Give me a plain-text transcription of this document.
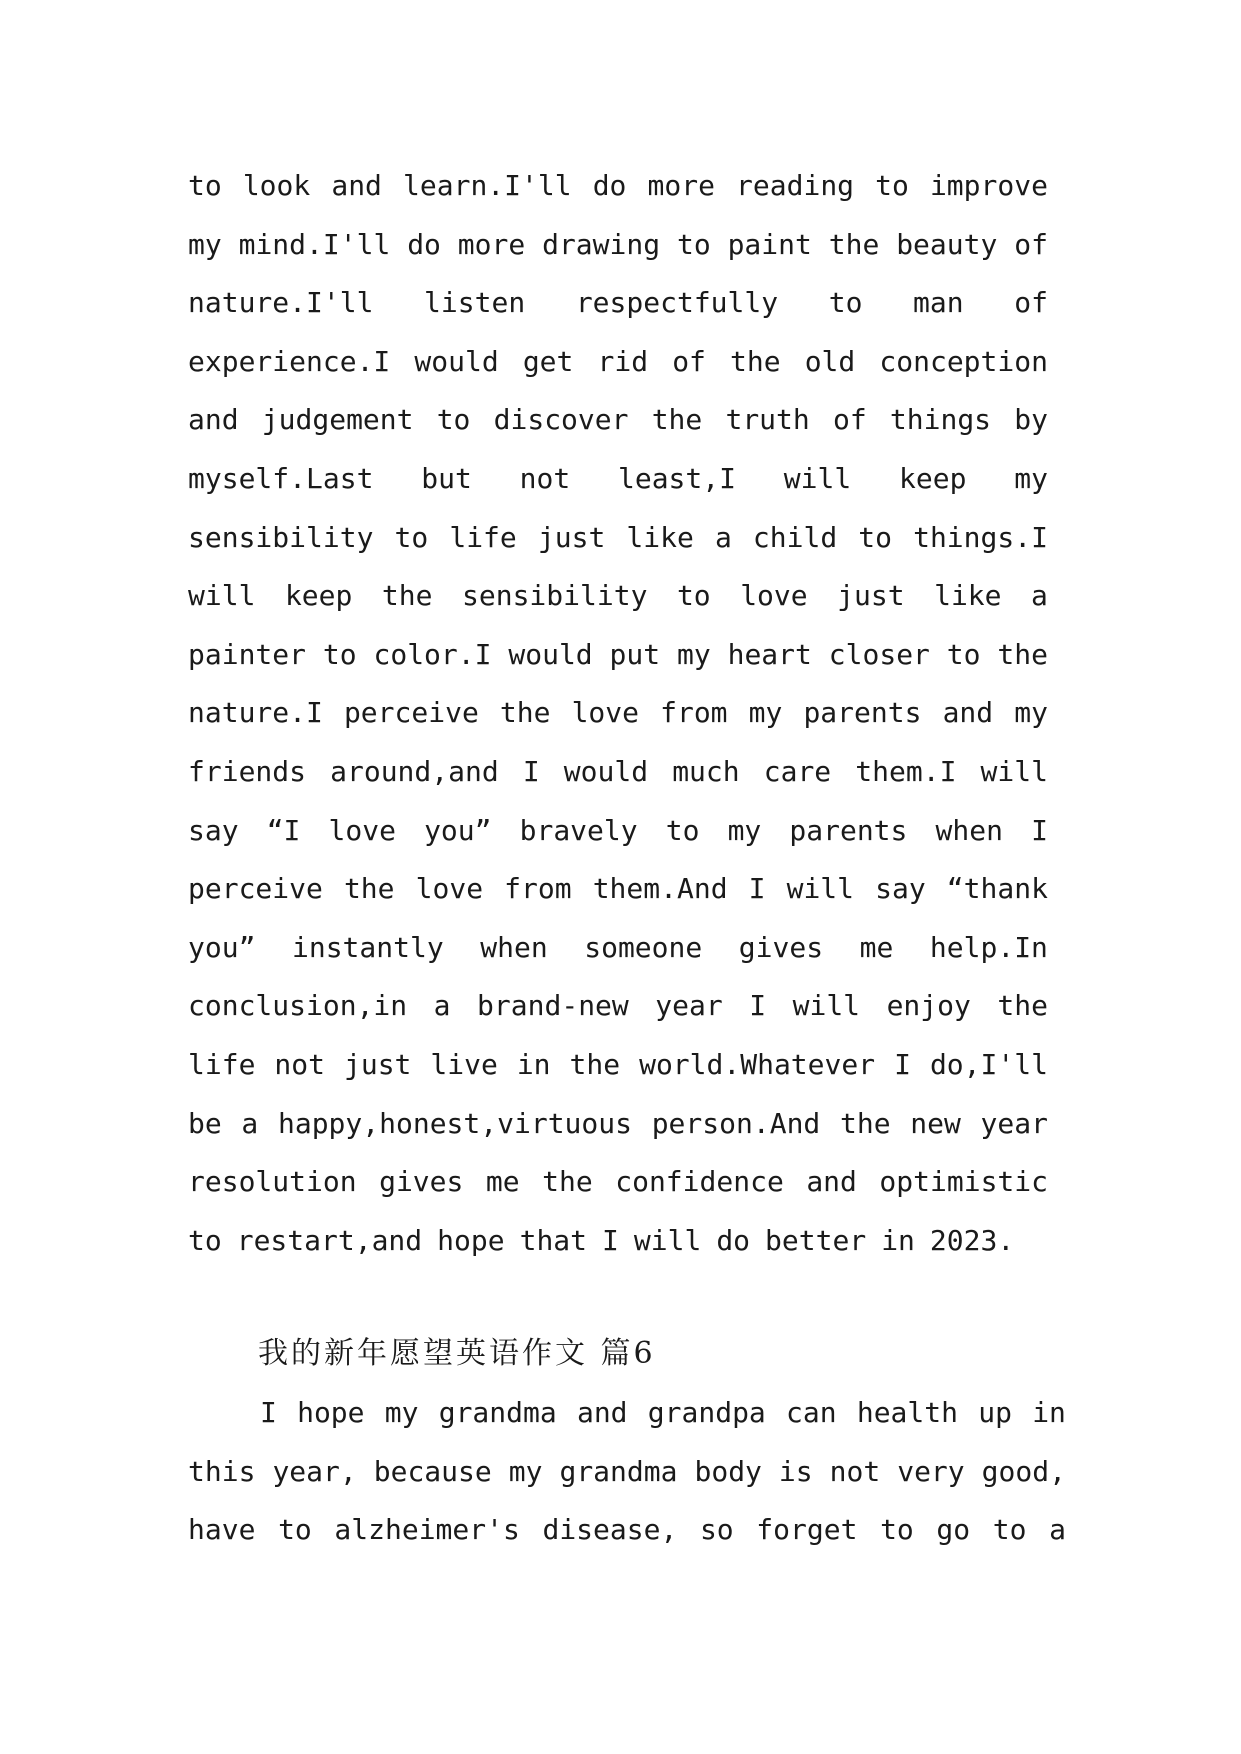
to look and learn.I'll do more reading to improve
my mind.I'll do more drawing to paint the beauty of
nature.I'll listen respectfully to man of
experience.I would get rid of the old conception
and judgement to discover the truth of things by
myself.Last but not least,I will keep my
sensibility to life just like a child to things.I
will keep the sensibility to love just like a
painter to color.I would put my heart closer to the
nature.I perceive the love from my parents and my
friends around,and I would much care them.I will
say “I love you” bravely to my parents when I
perceive the love from them.And I will say “thank
you” instantly when someone gives me help.In
conclusion,in a brand-new year I will enjoy the
life not just live in the world.Whatever I do,I'll
be a happy,honest,virtuous person.And the new year
resolution gives me the confidence and optimistic
to restart,and hope that I will do better in 2023.
我的新年愿望英语作文 篇6
I hope my grandma and grandpa can health up in
this year, because my grandma body is not very good,
have to alzheimer's disease, so forget to go to a
